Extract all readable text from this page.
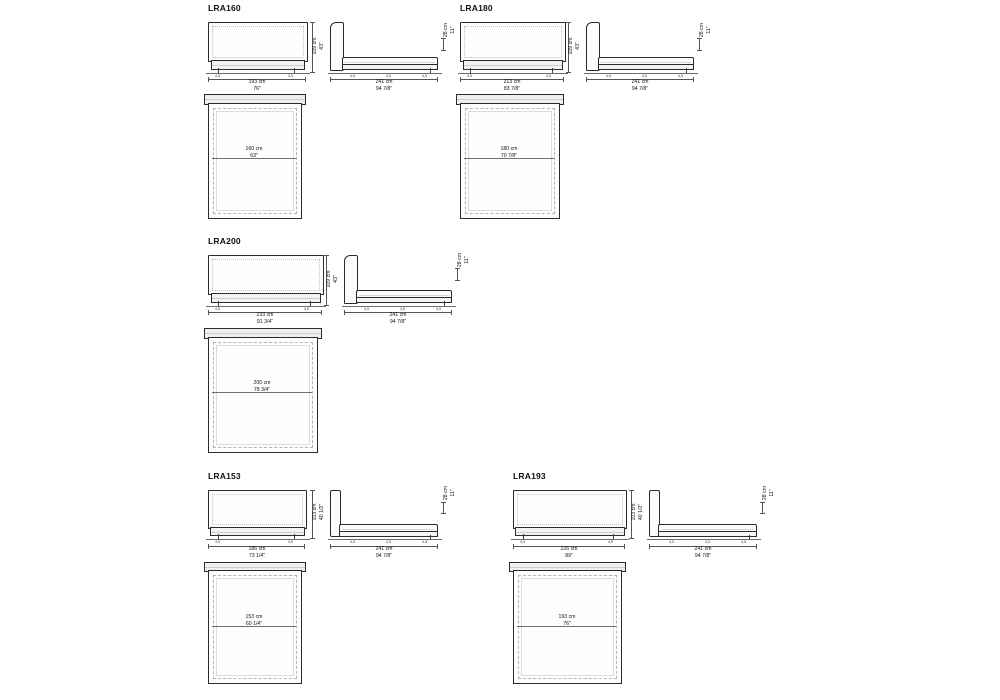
LRA160
4,5	4,5
193 cm
76"
109 cm 43"
4,5	4,5	4,5
241 cm
94 7/8"
28 cm 11"
160 cm
63"
LRA180
4,5	4,5
213 cm
83 7/8"
109 cm 43"
4,5	4,5	4,5
241 cm
94 7/8"
28 cm 11"
180 cm
70 7/8"
LRA200
4,5	4,5
233 cm
91 3/4"
109 cm 43"
4,5	4,5	4,5
241 cm
94 7/8"
28 cm 11"
200 cm
78 3/4"
LRA153
4,5	4,5
186 cm
73 1/4"
103 cm 40 1/2"
4,5	4,5	4,5
241 cm
94 7/8"
28 cm 11"
153 cm
60 1/4"
LRA193
4,5	4,5
226 cm
89"
103 cm 40 1/2"
4,5	4,5	4,5
241 cm
94 7/8"
28 cm 11"
193 cm
76"
